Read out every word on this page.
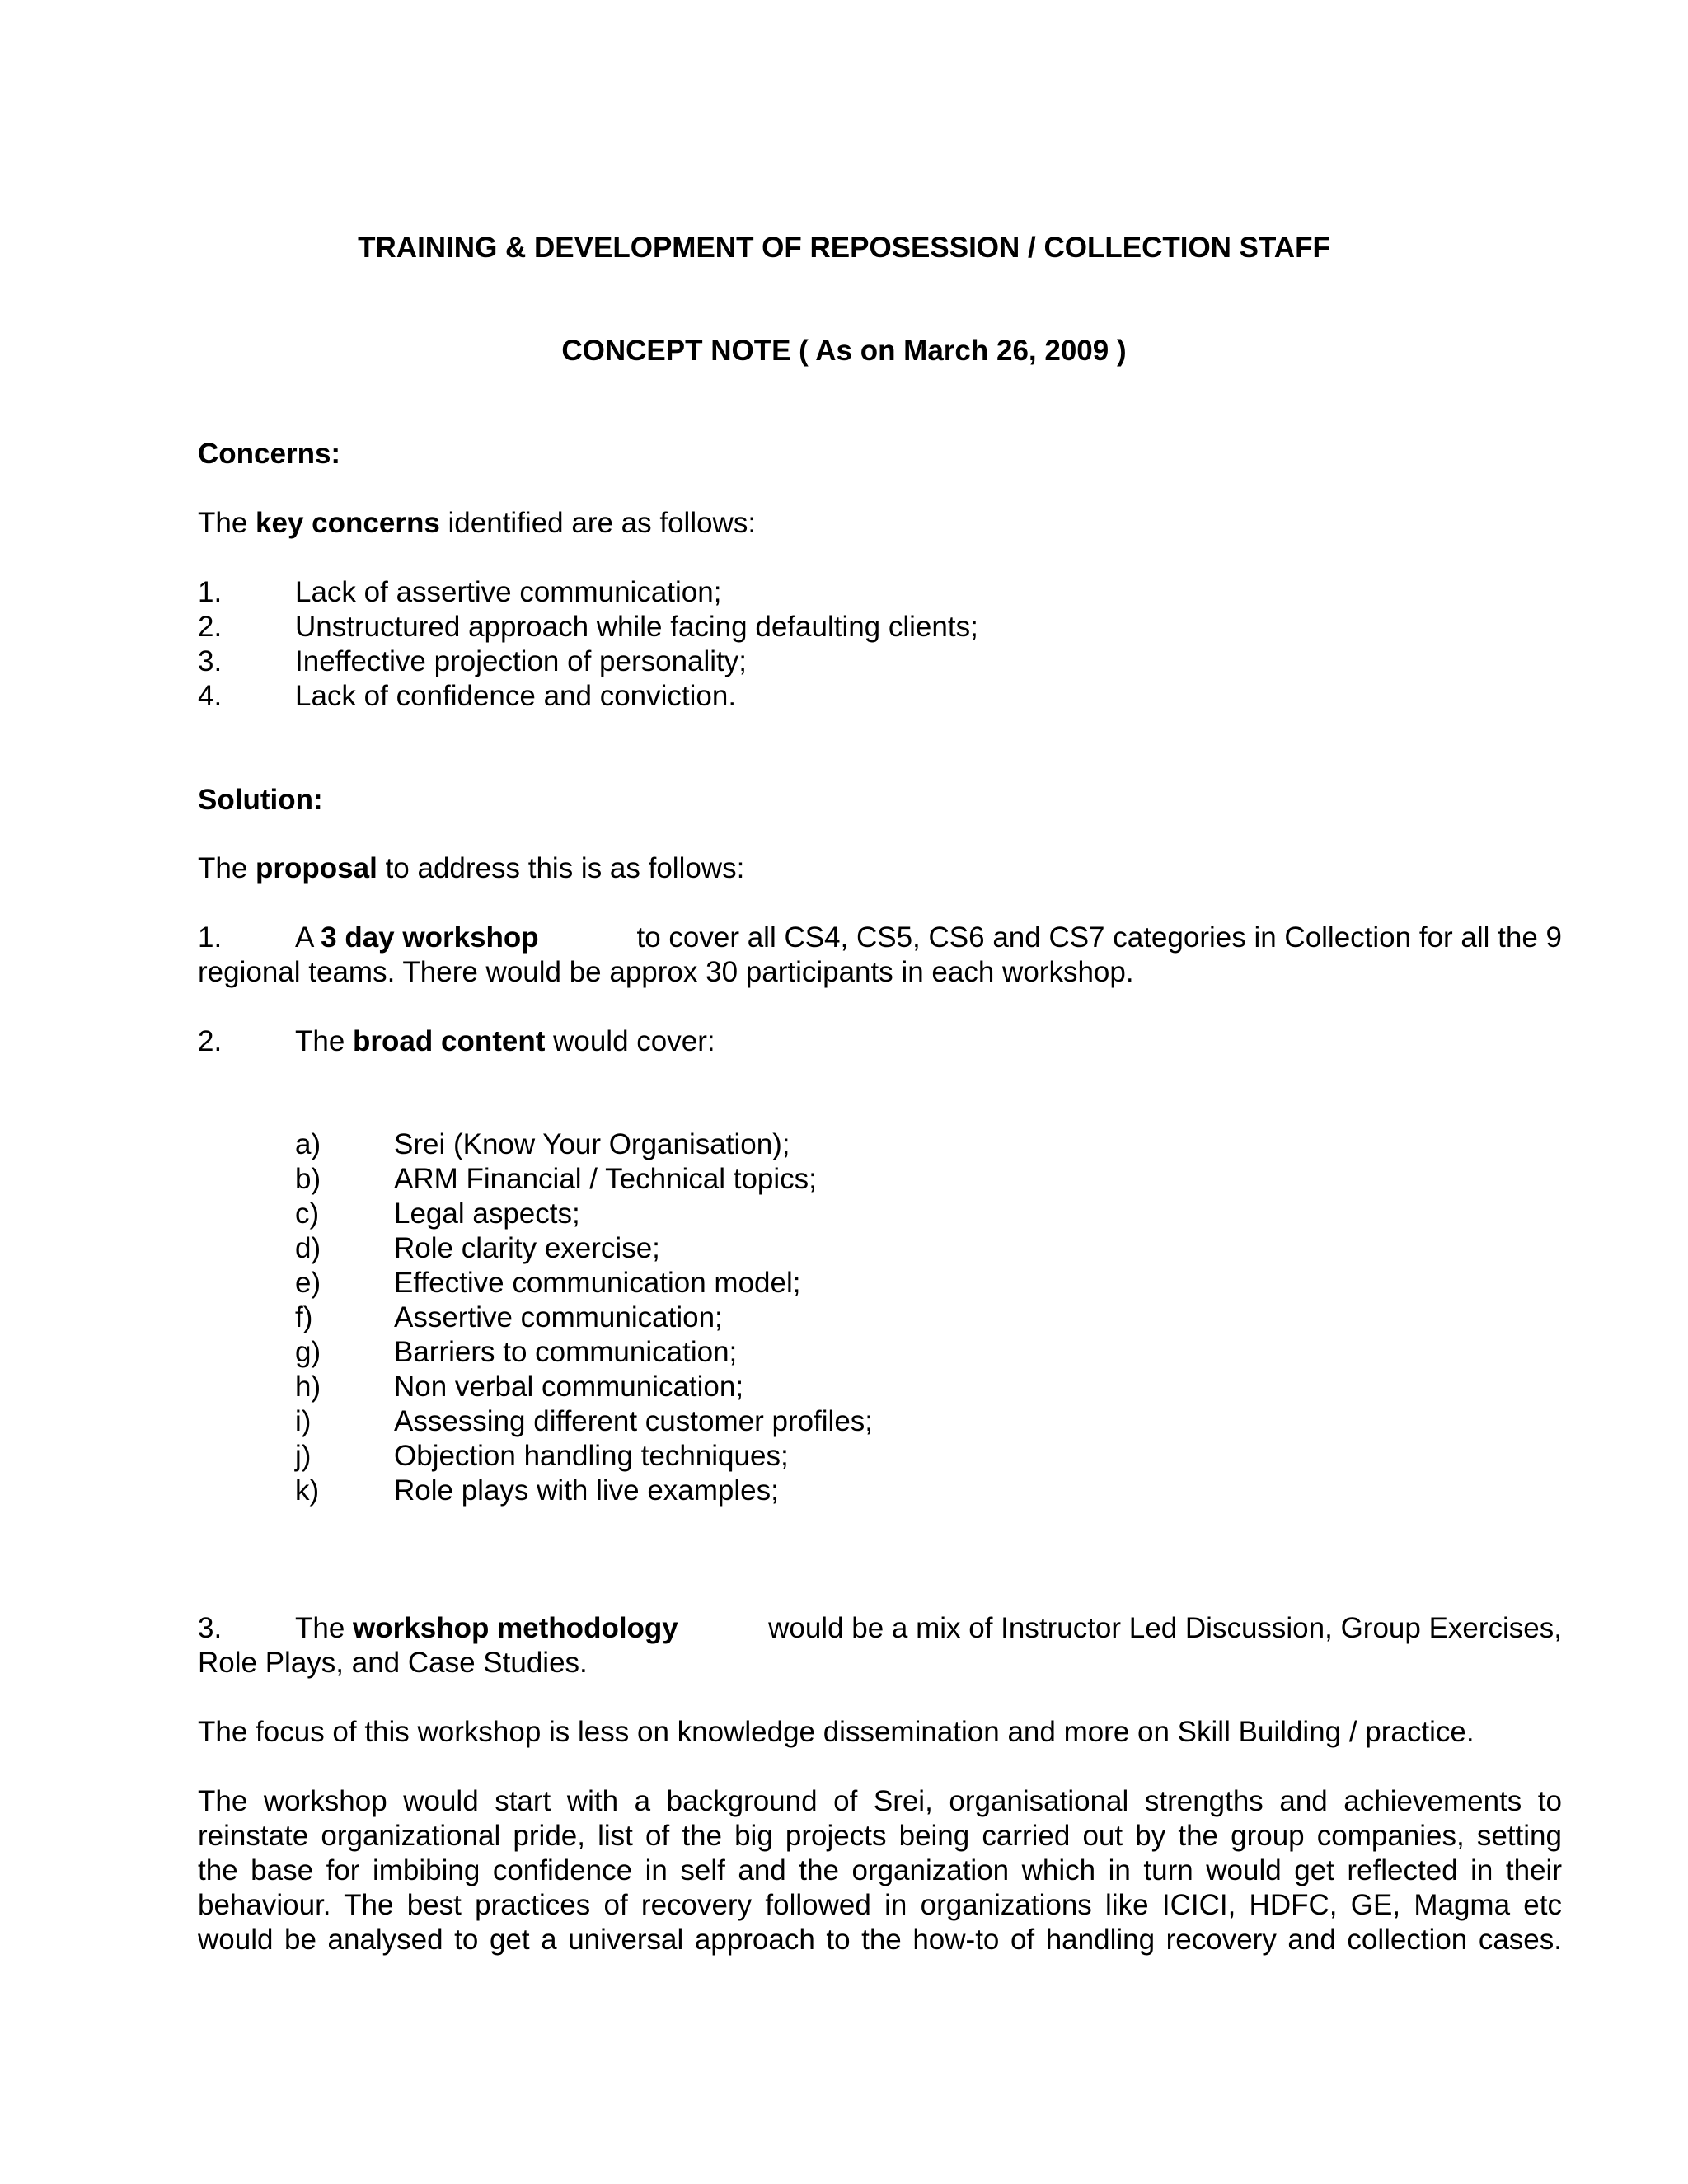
TRAINING & DEVELOPMENT OF REPOSESSION / COLLECTION STAFF
CONCEPT NOTE ( As on March 26, 2009 )
Concerns:
The key concerns identified are as follows:
1.	Lack of assertive communication;
2.	Unstructured approach while facing defaulting clients;
3.	Ineffective projection of personality;
4.	Lack of confidence and conviction.
Solution:
The proposal to address this is as follows:
1.	A 3 day workshop	to cover all CS4, CS5, CS6 and CS7 categories in Collection for all the 9
regional teams. There would be approx 30 participants in each workshop.
2.	The broad content would cover:
a)	Srei (Know Your Organisation);
b)	ARM Financial / Technical topics;
c)	Legal aspects;
d)	Role clarity exercise;
e)	Effective communication model;
f)	Assertive communication;
g)	Barriers to communication;
h)	Non verbal communication;
i)	Assessing different customer profiles;
j)	Objection handling techniques;
k)	Role plays with live examples;
3.	The workshop methodology	would be a mix of Instructor Led Discussion, Group Exercises,
Role Plays, and Case Studies.
The focus of this workshop is less on knowledge dissemination and more on Skill Building / practice.
The workshop would start with a background of Srei, organisational strengths and achievements to
reinstate organizational pride, list of the big projects being carried out by the group companies, setting
the base for imbibing confidence in self and the organization which in turn would get reflected in their
behaviour. The best practices of recovery followed in organizations like ICICI, HDFC, GE, Magma etc
would be analysed to get a universal approach to the how-to of handling recovery and collection cases.
